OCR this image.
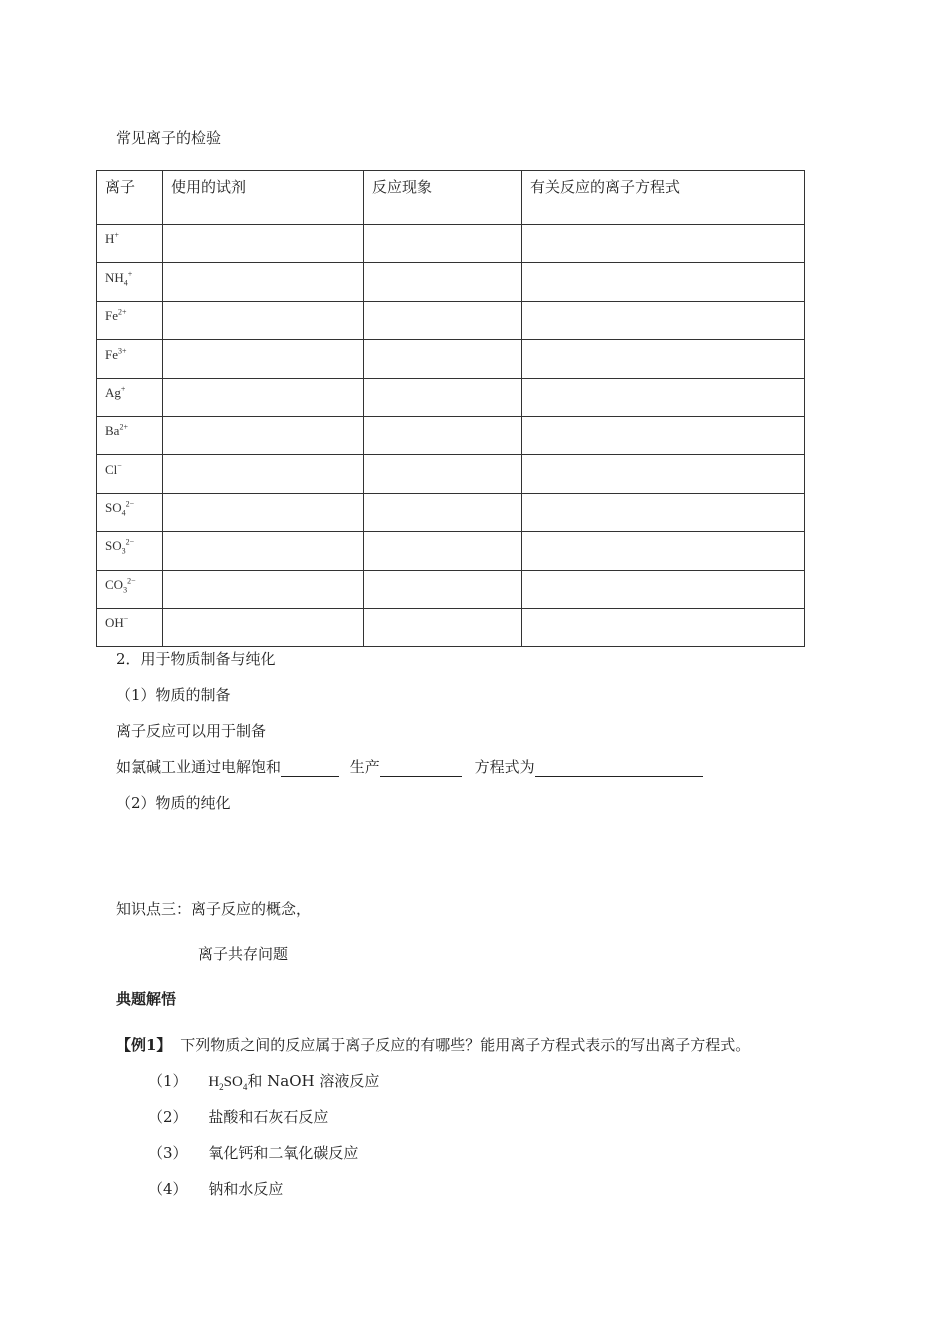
常见离子的检验
离子	使用的试剂	反应现象	有关反应的离子方程式
H+			
$NH_4^+$			
$Fe^{2+}$			
$Fe^{3+}$			
Ag+			
$Ba^{2+}$			
Cl−			
$SO_4^{2-}$			
$SO_3^{2-}$			
$CO_3^{2-}$			
OH−			
2．用于物质制备与纯化
（1）物质的制备
离子反应可以用于制备
如氯碱工业通过电解饱和	生产	方程式为
（2）物质的纯化
知识点三：离子反应的概念，
离子共存问题
典题解悟
【例1】 下列物质之间的反应属于离子反应的有哪些？能用离子方程式表示的写出离子方程式。
（1） $H_2SO_4$和 NaOH 溶液反应
（2） 盐酸和石灰石反应
（3） 氧化钙和二氧化碳反应
（4） 钠和水反应
